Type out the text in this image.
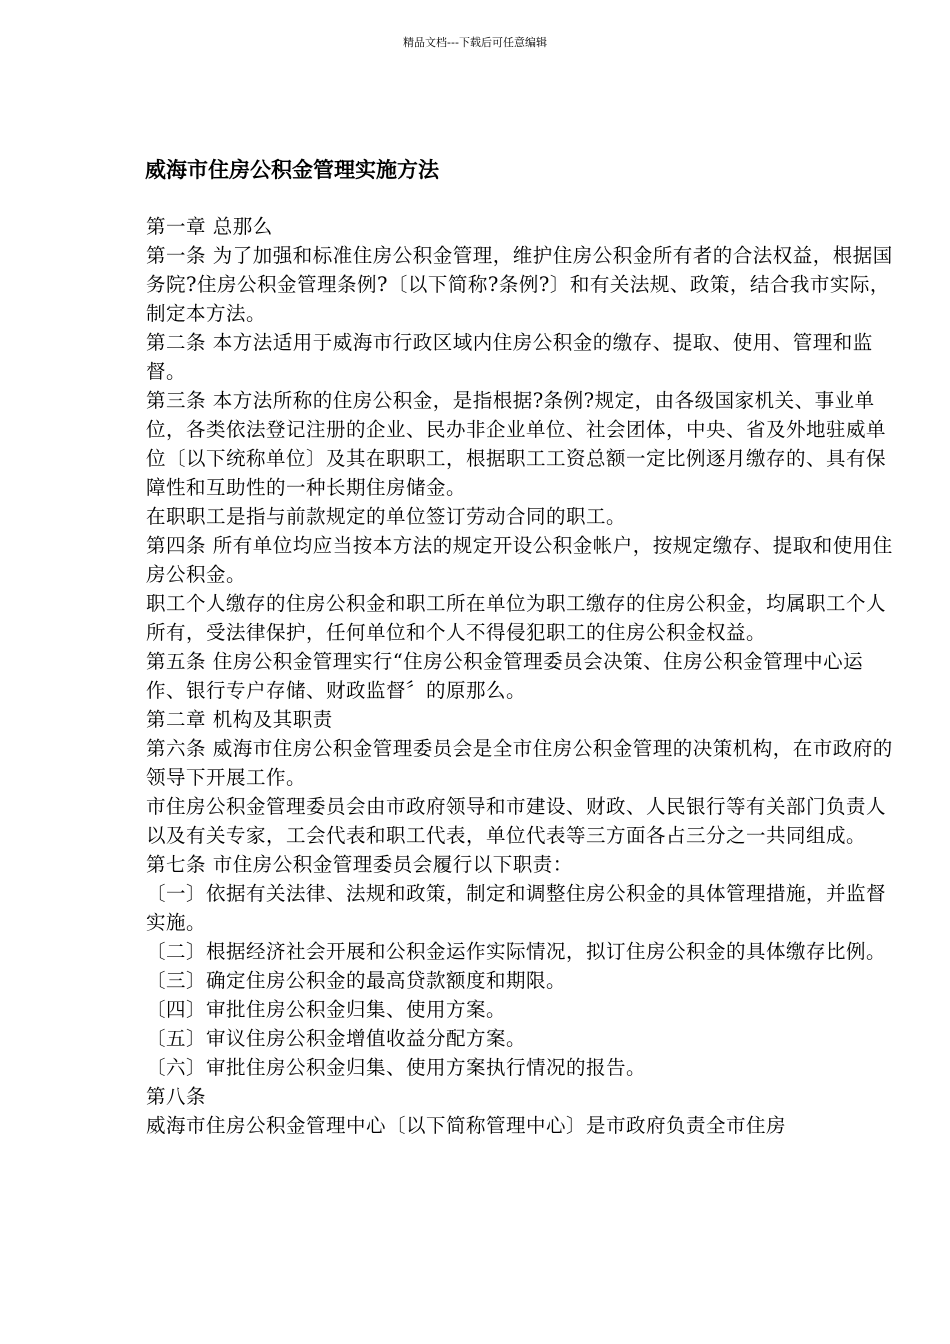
精品文档---下载后可任意编辑
威海市住房公积金管理实施方法

第一章 总那么

第一条 为了加强和标准住房公积金管理，维护住房公积金所有者的合法权益，根据国务院?住房公积金管理条例?〔以下简称?条例?〕和有关法规、政策，结合我市实际，制定本方法。

第二条 本方法适用于威海市行政区域内住房公积金的缴存、提取、使用、管理和监督。

第三条 本方法所称的住房公积金，是指根据?条例?规定，由各级国家机关、事业单位，各类依法登记注册的企业、民办非企业单位、社会团体，中央、省及外地驻威单位〔以下统称单位〕及其在职职工，根据职工工资总额一定比例逐月缴存的、具有保障性和互助性的一种长期住房储金。

在职职工是指与前款规定的单位签订劳动合同的职工。

第四条 所有单位均应当按本方法的规定开设公积金帐户，按规定缴存、提取和使用住房公积金。

职工个人缴存的住房公积金和职工所在单位为职工缴存的住房公积金，均属职工个人所有，受法律保护，任何单位和个人不得侵犯职工的住房公积金权益。

第五条 住房公积金管理实行“住房公积金管理委员会决策、住房公积金管理中心运作、银行专户存储、财政监督〞的原那么。

第二章 机构及其职责

第六条 威海市住房公积金管理委员会是全市住房公积金管理的决策机构，在市政府的领导下开展工作。

市住房公积金管理委员会由市政府领导和市建设、财政、人民银行等有关部门负责人以及有关专家，工会代表和职工代表，单位代表等三方面各占三分之一共同组成。

第七条 市住房公积金管理委员会履行以下职责：

〔一〕依据有关法律、法规和政策，制定和调整住房公积金的具体管理措施，并监督实施。

〔二〕根据经济社会开展和公积金运作实际情况，拟订住房公积金的具体缴存比例。

〔三〕确定住房公积金的最高贷款额度和期限。

〔四〕审批住房公积金归集、使用方案。

〔五〕审议住房公积金增值收益分配方案。

〔六〕审批住房公积金归集、使用方案执行情况的报告。

第八条

威海市住房公积金管理中心〔以下简称管理中心〕是市政府负责全市住房
